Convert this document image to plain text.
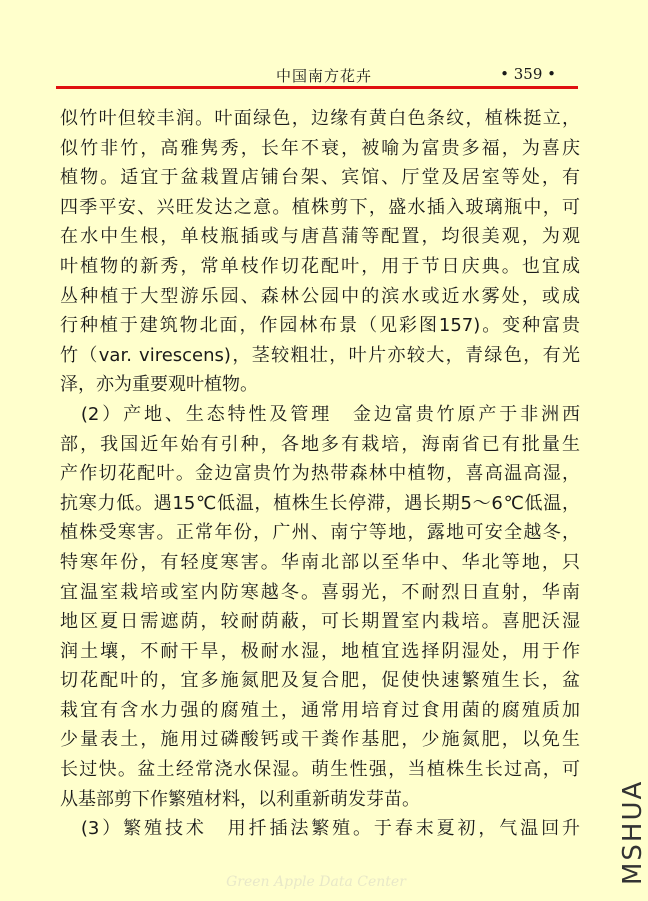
中国南方花卉	• 359 •
似竹叶但较丰润。叶面绿色，边缘有黄白色条纹，植株挺立，
似竹非竹，高雅隽秀，长年不衰，被喻为富贵多福，为喜庆
植物。适宜于盆栽置店铺台架、宾馆、厅堂及居室等处，有
四季平安、兴旺发达之意。植株剪下，盛水插入玻璃瓶中，可
在水中生根，单枝瓶插或与唐菖蒲等配置，均很美观，为观
叶植物的新秀，常单枝作切花配叶，用于节日庆典。也宜成
丛种植于大型游乐园、森林公园中的滨水或近水雾处，或成
行种植于建筑物北面，作园林布景（见彩图157)。变种富贵
竹（var. virescens)，茎较粗壮，叶片亦较大，青绿色，有光
泽，亦为重要观叶植物。
　(2）产地、生态特性及管理　金边富贵竹原产于非洲西
部，我国近年始有引种，各地多有栽培，海南省已有批量生
产作切花配叶。金边富贵竹为热带森林中植物，喜高温高湿，
抗寒力低。遇15℃低温，植株生长停滞，遇长期5～6℃低温，
植株受寒害。正常年份，广州、南宁等地，露地可安全越冬，
特寒年份，有轻度寒害。华南北部以至华中、华北等地，只
宜温室栽培或室内防寒越冬。喜弱光，不耐烈日直射，华南
地区夏日需遮荫，较耐荫蔽，可长期置室内栽培。喜肥沃湿
润土壤，不耐干旱，极耐水湿，地植宜选择阴湿处，用于作
切花配叶的，宜多施氮肥及复合肥，促使快速繁殖生长，盆
栽宜有含水力强的腐殖土，通常用培育过食用菌的腐殖质加
少量表土，施用过磷酸钙或干粪作基肥，少施氮肥，以免生
长过快。盆土经常浇水保湿。萌生性强，当植株生长过高，可
从基部剪下作繁殖材料，以利重新萌发芽苗。
　(3）繁殖技术　用扦插法繁殖。于春末夏初，气温回升
Green Apple Data Center	MSHUA
